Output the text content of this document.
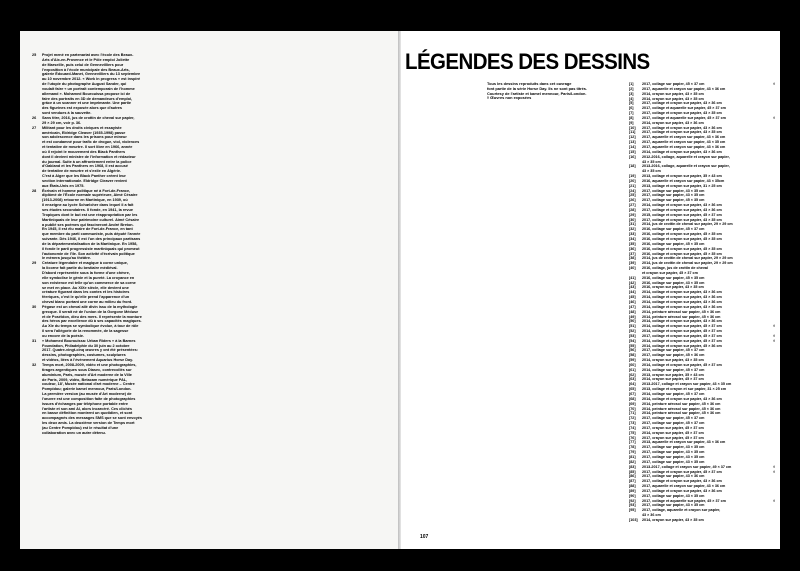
25	Projet mené en partenariat avec l'école des Beaux-
Arts d'Aix-en-Provence et le Pôle emploi Joliette
de Marseille, puis celui de Gennevilliers pour
l'exposition à l'école municipale des Beaux-Arts,
galerie Édouard-Manet, Gennevilliers du 13 septembre
au 10 novembre 2012. « Work in progress » est inspiré
de l'utopie du photographe August Sander, qui
voulait faire « un portrait contemporain de l'homme
allemand ». Mohamed Bourouissa propose ici de
faire des portraits en 3D de demandeurs d'emploi,
grâce à un scanner et une imprimante. Une partie
des figurines est exposée alors que d'autres
sont vendues à la sauvette.
26	Sans titre, 2016, jus de crottin de cheval sur papier,
29 × 29 cm, voir p. 36.
27	Militant pour les droits civiques et essayiste
américain, Eldridge Cleaver (1935-1998) passe
son adolescence dans les prisons pour mineur
et est condamné pour trafic de drogue, viol, violences
et tentative de meurtre. Il sort libre en 1966, année
où il rejoint le mouvement des Black Panthers
dont il devient ministre de l'information et rédacteur
du journal. Suite à un affrontement entre la police
d'Oakland et les Panthers en 1968, il est accusé
de tentative de meurtre et s'exile en Algérie.
C'est à Alger que les Black Panther créent leur
section internationale. Eldridge Cleaver revient
aux États-Unis en 1975.
28	Écrivain et homme politique né à Fort-de-France,
diplômé de l'École normale supérieure, Aimé Césaire
(1913-2008) retourne en Martinique, en 1939, où
il enseigne au lycée Schœlcher dans lequel il a fait
ses études secondaires. Il fonde, en 1941, la revue
Tropiques dont le but est une réappropriation par les
Martiniquais de leur patrimoine culturel. Aimé Césaire
a publié ses poèmes qui fascineront André Breton.
En 1945, il est élu maire de Fort-de-France, en tant
que membre du parti communiste, puis député l'année
suivante. Dès 1946, il est l'un des principaux partisans
de la départementalisation de la Martinique. En 1958,
il fonde le parti progressiste martiniquais qui promeut
l'autonomie de l'île. Son activité d'écrivain politique
le mènera jusqu'au théâtre.
29	Créature légendaire et magique à corne unique,
la licorne fait partie du bestiaire médiéval.
D'abord représentée sous la forme d'une chèvre,
elle symbolise le génie et la pureté. La croyance en
son existence est telle qu'un commerce de sa corne
se met en place. Au XIXe siècle, elle devient une
créature figurant dans les contes et les histoires
féeriques, c'est le qu'elle prend l'apparence d'un
cheval blanc portant une corne au milieu du front.
30	Pégase est un cheval ailé divin issu de la mythologie
grecque. Il serait né de l'union de la Gorgone Méduse
et de Poséidon, dieu des mers. Il représente la monture
des héros par excellence dû à ses capacités magiques.
Au XIe du temps se symbolique évolue, à tour de rôle
il sera l'allégorie de la renommée, de la sagesse
ou encore de la poésie.
31	« Mohamed Bourouissa: Urban Riders » à la Barnes
Foundation, Philadelphie du 30 juin au 2 octobre
2017. Quatre-vingt-cinq œuvres y ont été présentées:
dessins, photographies, costumes, sculptures
et vidéos, liées à l'événement Aquarius Horse Day.
32	Temps mort, 2008-2009, vidéo et une photographies,
tirages argentiques sous Diasec, contrecollés sur
aluminium, Paris, musée d'Art moderne de la Ville
de Paris, 2009, vidéo, Betacam numérique PAL,
couleur, 18', Musée national d'art moderne – Centre
Pompidou; galerie kamel mennour, Paris/London.
La première version (au musée d'Art moderne) de
l'œuvre est une composition faite de photographies
issues d'échanges par téléphone portable entre
l'artiste et son ami Al, alors incarcéré. Ces clichés
en basse définition montrent un quotidien, et sont
accompagnés des messages SMS que se sont envoyés
les deux amis. La deuxième version de Temps mort
(au Centre Pompidou) est le résultat d'une
collaboration avec un autre détenu.
LÉGENDES DES DESSINS
Tous les dessins reproduits dans cet ouvrage
font partie de la série Horse Day. Ils ne sont pas titrés.
Courtesy de l'artiste et kamel mennour, Paris/London.
◊ Œuvres non exposées
[1]	2017, collage sur papier, 45 × 37 cm	◊
[2]	2017, aquarelle et crayon sur papier, 43 × 36 cm
[3]	2014, crayon sur papier, 43 × 35 cm
[4]	2014, crayon sur papier, 43 × 35 cm
[5]	2017, collage et crayon sur papier, 43 × 36 cm
[6]	2017, collage et aquarelle sur papier, 45 × 37 cm
[7]	2017, collage et crayon sur papier, 43 × 35 cm
[8]	2017, collage et aquarelle sur papier, 45 × 37 cm	◊
[9]	2014, crayon sur papier, 43 × 36 cm
[10]	2017, collage et crayon sur papier, 43 × 36 cm
[11]	2017, collage et crayon sur papier, 43 × 35 cm
[12]	2017, aquarelle et crayon sur papier, 43 × 36 cm
[13]	2017, aquarelle et crayon sur papier, 43 × 35 cm
[14]	2017, aquarelle et crayon sur papier, 43 × 36 cm
[15]	2014, collage et crayon sur papier, 43 × 36 cm
[16]	2012-2016, collage, aquarelle et crayon sur papier,
43 × 35 cm
[18]	2013-2016, collage, aquarelle et crayon sur papier,
43 × 35 cm
[19]	2013, collage et crayon sur papier, 35 × 43 cm
[20]	2016, aquarelle et crayon sur papier, 43 × 35cm
[21]	2013, collage et crayon sur papier, 31 × 25 cm
[24]	2017, collage sur papier, 43 × 35 cm
[25]	2017, collage sur papier, 43 × 35 cm
[26]	2017, collage sur papier, 45 × 35 cm
[27]	2014, collage et crayon sur papier, 43 × 36 cm
[28]	2017, collage et crayon sur papier, 43 × 36 cm
[29]	2015, collage et crayon sur papier, 45 × 37 cm
[30]	2017, collage et crayon sur papier, 43 × 35 cm
[31]	2014, jus de crottin de cheval sur papier, 29 × 29 cm
[32]	2016, collage sur papier, 45 × 37 cm
[33]	2016, collage et crayon sur papier, 45 × 35 cm
[34]	2016, collage et crayon sur papier, 45 × 35 cm
[35]	2016, collage sur papier, 45 × 35 cm
[36]	2016, collage et crayon sur papier, 45 × 35 cm
[37]	2016, collage et crayon sur papier, 45 × 35 cm
[38]	2014, jus de crottin de cheval sur papier, 29 × 29 cm
[39]	2014, jus de crottin de cheval sur papier, 29 × 29 cm
[40]	2016, collage, jus de crottin de cheval
et crayon sur papier, 45 × 37 cm
[41]	2016, collage sur papier, 45 × 35 cm
[42]	2016, collage sur papier, 43 × 35 cm
[43]	2016, crayon sur papier, 43 × 35 cm
[44]	2014, collage et crayon sur papier, 43 × 36 cm
[45]	2014, collage et crayon sur papier, 43 × 36 cm
[46]	2014, collage et crayon sur papier, 43 × 36 cm
[47]	2014, collage et crayon sur papier, 43 × 36 cm
[48]	2014, peinture aérosol sur papier, 45 × 36 cm
[49]	2014, peinture aérosol sur papier, 45 × 36 cm
[50]	2014, collage et crayon sur papier, 43 × 36 cm
[51]	2014, collage et crayon sur papier, 45 × 37 cm	◊
[52]	2014, collage et crayon sur papier, 45 × 37 cm
[53]	2017, collage et crayon sur papier, 45 × 37 cm	◊
[54]	2014, collage et crayon sur papier, 45 × 37 cm	◊
[55]	2014, collage et crayon sur papier, 45 × 36 cm
[56]	2017, collage sur papier, 45 × 37 cm
[58]	2017, collage sur papier, 45 × 36 cm
[59]	2014, crayon sur papier, 43 × 35 cm
[60]	2014, collage et crayon sur papier, 45 × 37 cm
[61]	2014, collage sur papier, 45 × 37 cm
[62]	2013, crayon sur papier, 35 × 43 cm
[63]	2014, crayon sur papier, 45 × 37 cm
[64]	2013-2017, collage et crayon sur papier, 43 × 35 cm
[65]	2013, collage et crayon et sur papier, 31 × 25 cm
[67]	2014, collage sur papier, 45 × 37 cm
[68]	2014, collage et crayon sur papier, 43 × 36 cm
[69]	2014, peinture aérosol sur papier, 45 × 36 cm
[70]	2014, peinture aérosol sur papier, 45 × 36 cm
[71]	2014, peinture aérosol sur papier, 45 × 36 cm
[72]	2017, collage sur papier, 45 × 37 cm
[73]	2017, collage sur papier, 45 × 37 cm
[74]	2017, crayon sur papier, 45 × 37 cm
[75]	2014, crayon sur papier, 45 × 37 cm
[76]	2017, crayon sur papier, 45 × 37 cm
[77]	2013, aquarelle et crayon sur papier, 43 × 36 cm
[78]	2017, collage sur papier, 43 × 35 cm
[79]	2017, collage sur papier, 43 × 35 cm
[81]	2017, collage sur papier, 43 × 35 cm
[82]	2017, collage sur papier, 43 × 35 cm
[83]	2013-2017, collage et crayon sur papier, 49 × 37 cm	◊
[85]	2017, collage et crayon sur papier, 45 × 37 cm	◊
[86]	2017, collage sur papier, 43 × 36 cm
[87]	2017, collage et crayon sur papier, 43 × 36 cm
[88]	2017, aquarelle et crayon sur papier, 43 × 36 cm
[89]	2017, collage et crayon sur papier, 43 × 36 cm
[90]	2017, collage sur papier, 43 × 35 cm
[92]	2017, collage et aquarelle sur papier, 45 × 37 cm	◊
[93]	2017, collage sur papier, 43 × 35 cm
[95]	2017, collage, aquarelle et crayon sur papier,
43 × 36 cm
[103]	2014, crayon sur papier, 43 × 35 cm
107
